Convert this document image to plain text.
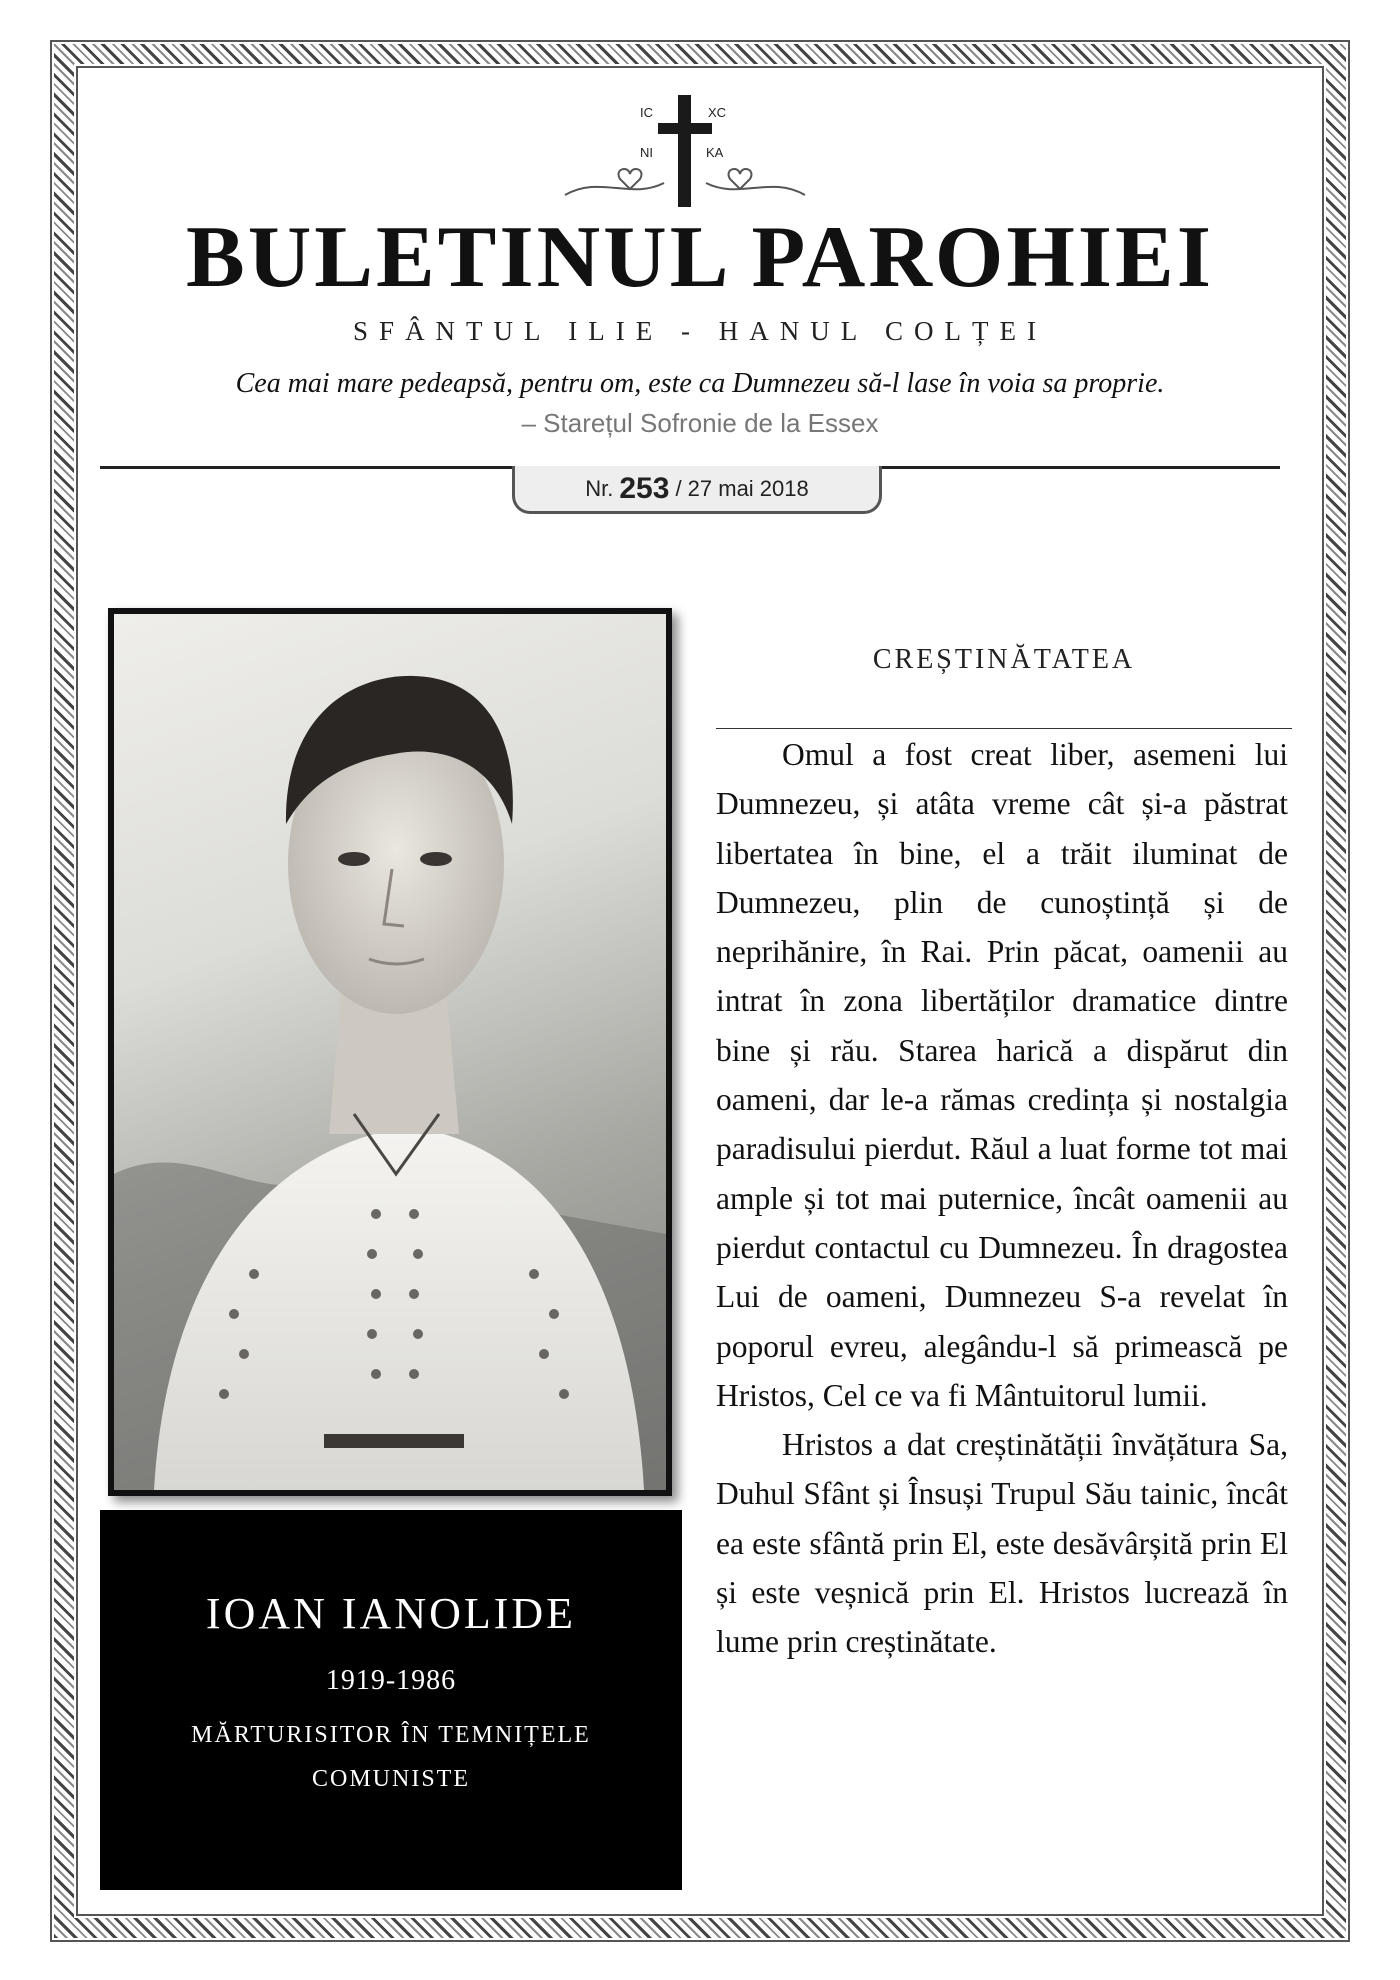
IC	XC
NI	KA
BULETINUL PAROHIEI
SFÂNTUL ILIE - HANUL COLȚEI
Cea mai mare pedeapsă, pentru om, este ca Dumnezeu să-l lase în voia sa proprie.
– Starețul Sofronie de la Essex
Nr. 253 / 27 mai 2018
IOAN IANOLIDE
1919-1986
MĂRTURISITOR ÎN TEMNIȚELE COMUNISTE
CREȘTINĂTATEA

Omul a fost creat liber, asemeni lui Dumnezeu, și atâta vreme cât și-a păstrat libertatea în bine, el a trăit iluminat de Dumnezeu, plin de cunoștință și de neprihănire, în Rai. Prin păcat, oamenii au intrat în zona libertăților dramatice dintre bine și rău. Starea harică a dispărut din oameni, dar le-a rămas credința și nostalgia paradisului pierdut. Răul a luat forme tot mai ample și tot mai puternice, încât oamenii au pierdut contactul cu Dumnezeu. În dragostea Lui de oameni, Dumnezeu S-a revelat în poporul evreu, alegându-l să primească pe Hristos, Cel ce va fi Mântuitorul lumii.

Hristos a dat creștinătății învățătura Sa, Duhul Sfânt și Însuși Trupul Său tainic, încât ea este sfântă prin El, este desăvârșită prin El și este veșnică prin El. Hristos lucrează în lume prin creștinătate.
